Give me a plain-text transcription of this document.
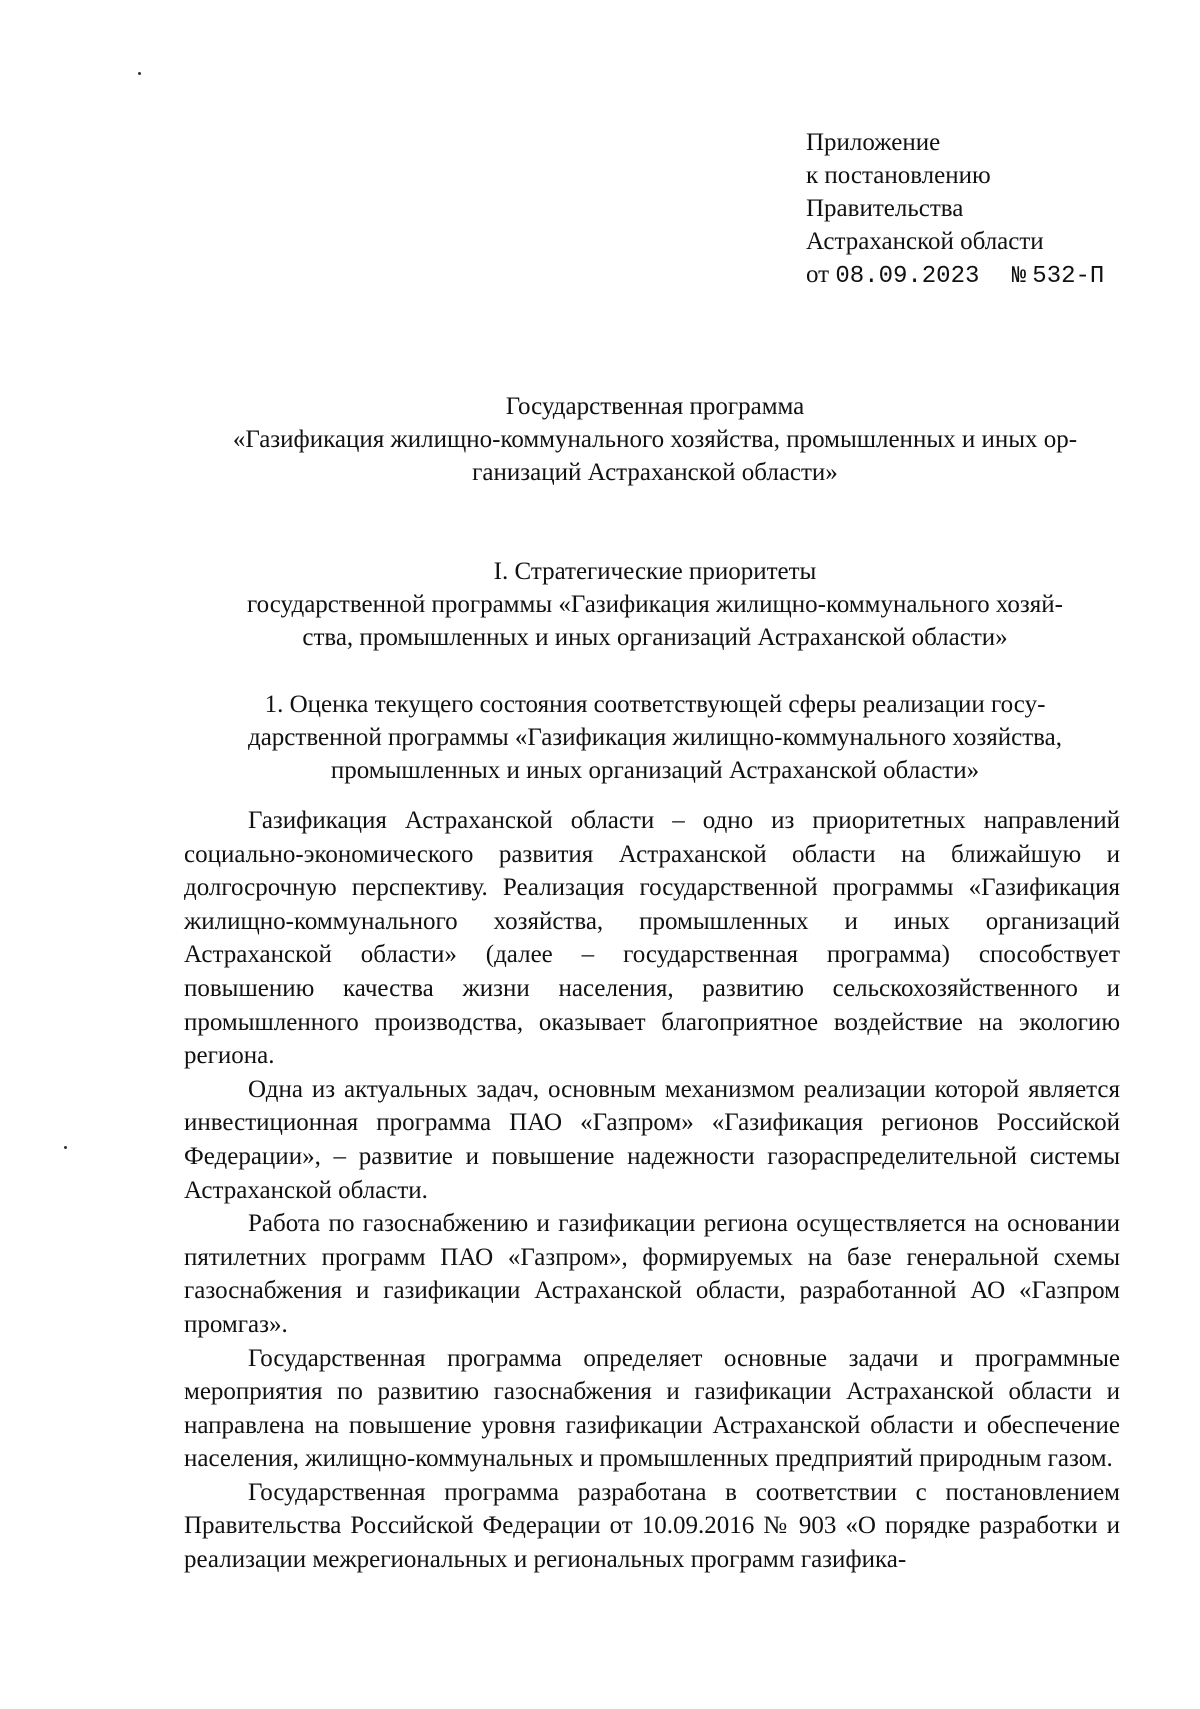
Приложение
к постановлению
Правительства
Астраханской области
от 08.09.2023 № 532-П
Государственная программа
«Газификация жилищно-коммунального хозяйства, промышленных и иных ор-
ганизаций Астраханской области»
I. Стратегические приоритеты
государственной программы «Газификация жилищно-коммунального хозяй-
ства, промышленных и иных организаций Астраханской области»
1. Оценка текущего состояния соответствующей сферы реализации госу-
дарственной программы «Газификация жилищно-коммунального хозяйства,
промышленных и иных организаций Астраханской области»

Газификация Астраханской области – одно из приоритетных направлений социально-экономического развития Астраханской области на ближайшую и долгосрочную перспективу. Реализация государственной программы «Газификация жилищно-коммунального хозяйства, промышленных и иных организаций Астраханской области» (далее – государственная программа) способствует повышению качества жизни населения, развитию сельскохозяйственного и промышленного производства, оказывает благоприятное воздействие на экологию региона.

Одна из актуальных задач, основным механизмом реализации которой является инвестиционная программа ПАО «Газпром» «Газификация регионов Российской Федерации», – развитие и повышение надежности газораспределительной системы Астраханской области.

Работа по газоснабжению и газификации региона осуществляется на основании пятилетних программ ПАО «Газпром», формируемых на базе генеральной схемы газоснабжения и газификации Астраханской области, разработанной АО «Газпром промгаз».

Государственная программа определяет основные задачи и программные мероприятия по развитию газоснабжения и газификации Астраханской области и направлена на повышение уровня газификации Астраханской области и обеспечение населения, жилищно-коммунальных и промышленных предприятий природным газом.

Государственная программа разработана в соответствии с постановлением Правительства Российской Федерации от 10.09.2016 № 903 «О порядке разработки и реализации межрегиональных и региональных программ газифика-
